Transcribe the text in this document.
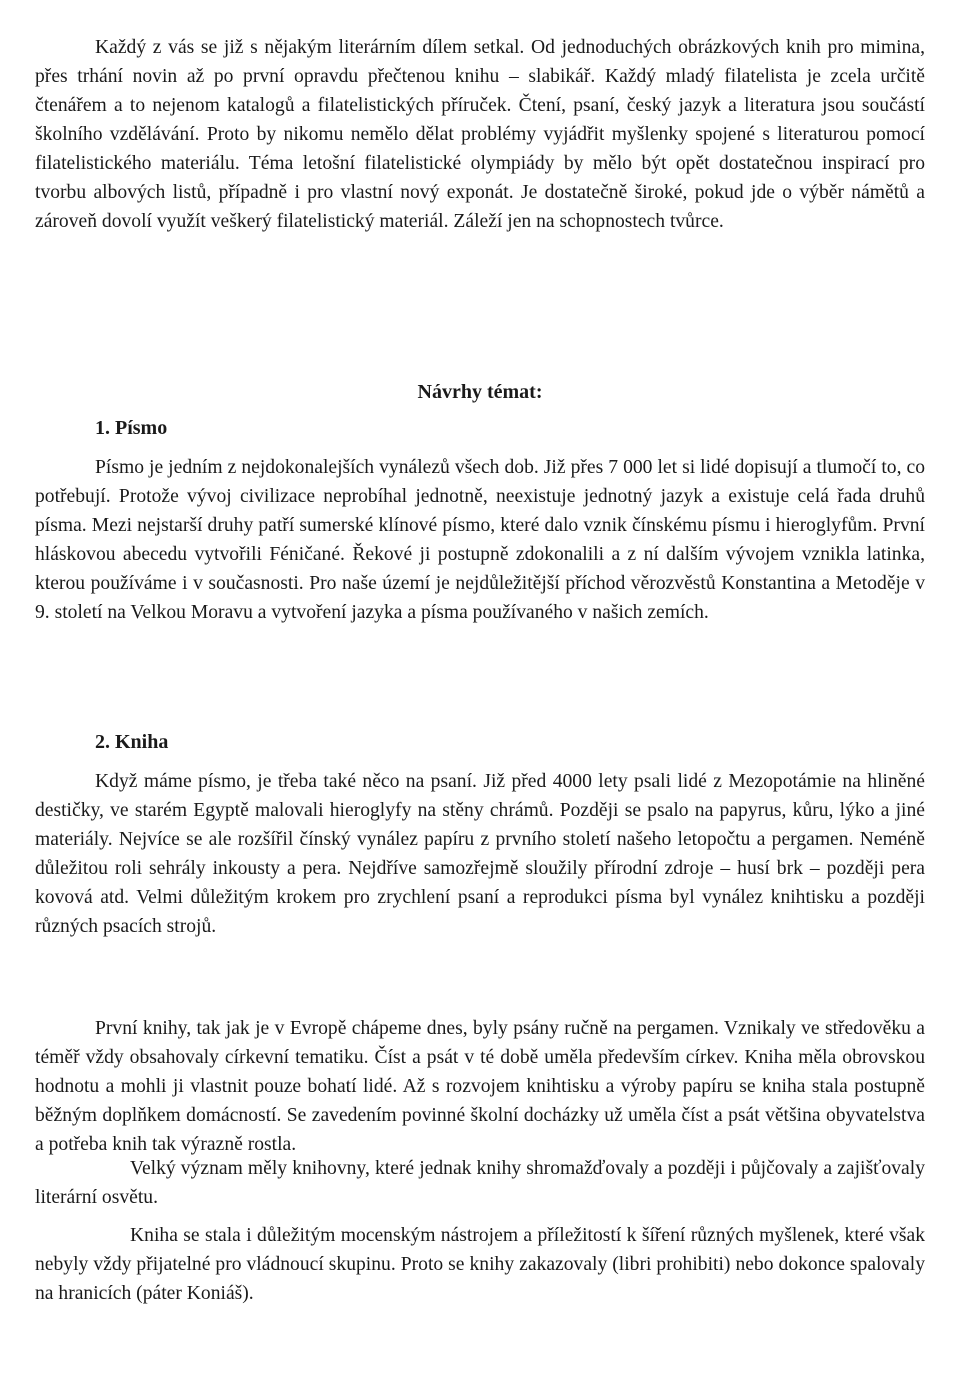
Každý z vás se již s nějakým literárním dílem setkal. Od jednoduchých obrázkových knih pro mimina, přes trhání novin až po první opravdu přečtenou knihu – slabikář. Každý mladý filatelista je zcela určitě čtenářem a to nejenom katalogů a filatelistických příruček. Čtení, psaní, český jazyk a literatura jsou součástí školního vzdělávání. Proto by nikomu nemělo dělat problémy vyjádřit myšlenky spojené s literaturou pomocí filatelistického materiálu. Téma letošní filatelistické olympiády by mělo být opět dostatečnou inspirací pro tvorbu albových listů, případně i pro vlastní nový exponát. Je dostatečně široké, pokud jde o výběr námětů a zároveň dovolí využít veškerý filatelistický materiál. Záleží jen na schopnostech tvůrce.

Návrhy témat:
1. Písmo

Písmo je jedním z nejdokonalejších vynálezů všech dob. Již přes 7 000 let si lidé dopisují a tlumočí to, co potřebují. Protože vývoj civilizace neprobíhal jednotně, neexistuje jednotný jazyk a existuje celá řada druhů písma. Mezi nejstarší druhy patří sumerské klínové písmo, které dalo vznik čínskému písmu i hieroglyfům. První hláskovou abecedu vytvořili Féničané. Řekové ji postupně zdokonalili a z ní dalším vývojem vznikla latinka, kterou používáme i v současnosti. Pro naše území je nejdůležitější příchod věrozvěstů Konstantina a Metoděje v 9. století na Velkou Moravu a vytvoření jazyka a písma používaného v našich zemích.

2. Kniha

Když máme písmo, je třeba také něco na psaní. Již před 4000 lety psali lidé z Mezopotámie na hliněné destičky, ve starém Egyptě malovali hieroglyfy na stěny chrámů. Později se psalo na papyrus, kůru, lýko a jiné materiály. Nejvíce se ale rozšířil čínský vynález papíru z prvního století našeho letopočtu a pergamen. Neméně důležitou roli sehrály inkousty a pera. Nejdříve samozřejmě sloužily přírodní zdroje – husí brk – později pera kovová atd. Velmi důležitým krokem pro zrychlení psaní a reprodukci písma byl vynález knihtisku a později různých psacích strojů.

První knihy, tak jak je v Evropě chápeme dnes, byly psány ručně na pergamen. Vznikaly ve středověku a téměř vždy obsahovaly církevní tematiku. Číst a psát v té době uměla především církev. Kniha měla obrovskou hodnotu a mohli ji vlastnit pouze bohatí lidé. Až s rozvojem knihtisku a výroby papíru se kniha stala postupně běžným doplňkem domácností. Se zavedením povinné školní docházky už uměla číst a psát většina obyvatelstva a potřeba knih tak výrazně rostla.

Velký význam měly knihovny, které jednak knihy shromažďovaly a později i půjčovaly a zajišťovaly literární osvětu.

Kniha se stala i důležitým mocenským nástrojem a příležitostí k šíření různých myšlenek, které však nebyly vždy přijatelné pro vládnoucí skupinu. Proto se knihy zakazovaly (libri prohibiti) nebo dokonce spalovaly na hranicích (páter Koniáš).
